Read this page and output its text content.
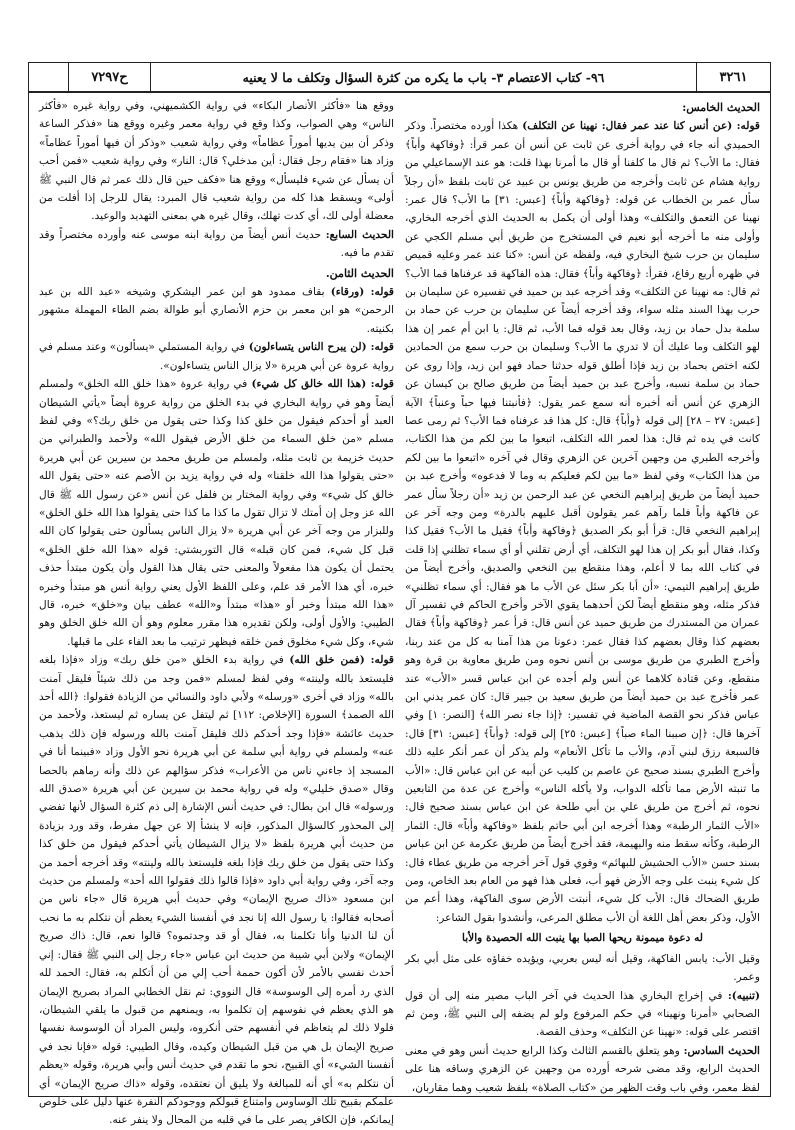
٣٢٦١
٩٦- كتاب الاعتصام ٣- باب ما يكره من كثرة السؤال وتكلف ما لا يعنيه
ح٧٢٩٧

الحديث الخامس:

قوله: (عن أنس كنا عند عمر فقال: نهينا عن التكلف) هكذا أورده مختصراً. وذكر الحميدي أنه جاء في رواية أخرى عن ثابت عن أنس أن عمر قرأ: ﴿وفاكهة وأباً﴾ فقال: ما الأب؟ ثم قال ما كلفنا أو قال ما أمرنا بهذا قلت: هو عند الإسماعيلي من رواية هشام عن ثابت وأخرجه من طريق يونس بن عبيد عن ثابت بلفظ «أن رجلاً سأل عمر بن الخطاب عن قوله: ﴿وفاكهة وأباً﴾ [عبس: ٣١] ما الأب؟ قال عمر: نهينا عن التعمق والتكلف» وهذا أولى أن يكمل به الحديث الذي أخرجه البخاري، وأولى منه ما أخرجه أبو نعيم في المستخرج من طريق أبي مسلم الكجي عن سليمان بن حرب شيخ البخاري فيه، ولفظه عن أنس: «كنا عند عمر وعليه قميص في ظهره أربع رقاع، فقرأ: ﴿وفاكهة وأباً﴾ فقال: هذه الفاكهة قد عرفناها فما الأب؟ ثم قال: مه نهينا عن التكلف» وقد أخرجه عبد بن حميد في تفسيره عن سليمان بن حرب بهذا السند مثله سواء، وقد أخرجه أيضاً عن سليمان بن حرب عن حماد بن سلمة بدل حماد بن زيد، وقال بعد قوله فما الأب، ثم قال: يا ابن أم عمر إن هذا لهو التكلف وما عليك أن لا تدري ما الأب؟ وسليمان بن حرب سمع من الحمادين لكنه اختص بحماد بن زيد فإذا أطلق قوله حدثنا حماد فهو ابن زيد، وإذا روى عن حماد بن سلمة نسبه، وأخرج عبد بن حميد أيضاً من طريق صالح بن كيسان عن الزهري عن أنس أنه أخبره أنه سمع عمر يقول: ﴿فأنبتنا فيها حباً وعنباً﴾ الآية [عبس: ٢٧ – ٢٨] إلى قوله ﴿وأباً﴾ قال: كل هذا قد عرفناه فما الأب؟ ثم رمى عصا كانت في يده ثم قال: هذا لعمر الله التكلف، اتبعوا ما بين لكم من هذا الكتاب، وأخرجه الطبري من وجهين آخرين عن الزهري وقال في آخره «اتبعوا ما بين لكم من هذا الكتاب» وفي لفظ «ما بين لكم فعليكم به وما لا فدعوه» وأخرج عبد بن حميد أيضاً من طريق إبراهيم النخعي عن عبد الرحمن بن زيد «أن رجلاً سأل عمر عن فاكهة وأباً فلما رآهم عمر يقولون أقبل عليهم بالدرة» ومن وجه آخر عن إبراهيم النخعي قال: قرأ أبو بكر الصديق ﴿وفاكهة وأباً﴾ فقيل ما الأب؟ فقيل كذا وكذا، فقال أبو بكر إن هذا لهو التكلف، أي أرض تقلني أو أي سماء تظلني إذا قلت في كتاب الله بما لا أعلم، وهذا منقطع بين النخعي والصديق، وأخرج أيضاً من طريق إبراهيم التيمي: «أن أبا بكر سئل عن الأب ما هو فقال: أي سماء تظلني» فذكر مثله، وهو منقطع أيضاً لكن أحدهما يقوي الآخر وأخرج الحاكم في تفسير آل عمران من المستدرك من طريق حميد عن أنس قال: قرأ عمر ﴿وفاكهة وأباً﴾ فقال بعضهم كذا وقال بعضهم كذا فقال عمر: دعونا من هذا آمنا به كل من عند ربنا، وأخرج الطبري من طريق موسى بن أنس نحوه ومن طريق معاوية بن قرة وهو منقطع، وعن قتادة كلاهما عن أنس ولم أجده عن ابن عباس قسر «الأب» عند عمر فأخرج عبد بن حميد أيضاً من طريق سعيد بن جبير قال: كان عمر يدني ابن عباس فذكر نحو القصة الماضية في تفسير: ﴿إذا جاء نصر الله﴾ [النصر: ١] وفي آخرها قال: ﴿إن صببنا الماء صباً﴾ [عبس: ٢٥] إلى قوله: ﴿وأباً﴾ [عبس: ٣١] قال: فالسبعة رزق لبني آدم، والأب ما تأكل الأنعام» ولم يذكر أن عمر أنكر عليه ذلك وأخرج الطبري بسند صحيح عن عاصم بن كليب عن أبيه عن ابن عباس قال: «الأب ما تنبته الأرض مما تأكله الدواب، ولا يأكله الناس» وأخرج عن عدة من التابعين نحوه، ثم أخرج من طريق علي بن أبي طلحة عن ابن عباس بسند صحيح قال: «الأب الثمار الرطبة» وهذا أخرجه ابن أبي حاتم بلفظ «وفاكهة وأباً» قال: الثمار الرطبة، وكأنه سقط منه والبهيمة، فقد أخرج أيضاً من طريق عكرمة عن ابن عباس بسند حسن «الأب الحشيش للبهائم» وقوي قول آخر أخرجه من طريق عطاء قال: كل شيء ينبت على وجه الأرض فهو أب، فعلى هذا فهو من العام بعد الخاص، ومن طريق الضحاك قال: الأب كل شيء، أنبتت الأرض سوى الفاكهة، وهذا أعم من الأول، وذكر بعض أهل اللغة أن الأب مطلق المرعى، وأنشدوا بقول الشاعر:

له دعوة ميمونة ريحها الصبا بها ينبت الله الحصيدة والأبا

وقيل الأب: يابس الفاكهة، وقيل أنه ليس بعربي، ويؤيده خفاؤه على مثل أبي بكر وعمر.

(تنبيه): في إخراج البخاري هذا الحديث في آخر الباب مصير منه إلى أن قول الصحابي «أمرنا ونهينا» في حكم المرفوع ولو لم يضفه إلى النبي ﷺ، ومن ثم اقتصر على قوله: «نهينا عن التكلف» وحذف القصة.

الحديث السادس: وهو يتعلق بالقسم الثالث وكذا الرابع حديث أنس وهو في معنى الحديث الرابع، وقد مضى شرحه أورده من وجهين عن الزهري وساقه هنا على لفظ معمر، وفي باب وقت الظهر من «كتاب الصلاة» بلفظ شعيب وهما مقاربان،

ووقع هنا «فأكثر الأنصار البكاء» في رواية الكشميهني، وفي رواية غيره «فأكثر الناس» وهي الصواب، وكذا وقع في رواية معمر وغيره ووقع هنا «فذكر الساعة وذكر أن بين يديها أموراً عظاماً» وفي رواية شعيب «وذكر أن فيها أموراً عظاماً» وزاد هنا «فقام رجل فقال: أين مدخلي؟ قال: النار» وفي رواية شعيب «فمن أحب أن يسأل عن شيء فليسأل» ووقع هنا «فكف حين قال ذلك عمر ثم قال النبي ﷺ أولى» ويسقط هذا كله من رواية شعيب قال المبرد: يقال للرجل إذا أفلت من معضلة أولى لك، أي كدت تهلك، وقال غيره هي بمعنى التهديد والوعيد.

الحديث السابع: حديث أنس أيضاً من رواية ابنه موسى عنه وأورده مختصراً وقد تقدم ما فيه.

الحديث الثامن.

قوله: (ورقاء) بقاف ممدود هو ابن عمر اليشكري وشيخه «عبد الله بن عبد الرحمن» هو ابن معمر بن حزم الأنصاري أبو طوالة بضم الطاء المهملة مشهور بكنيته.

قوله: (لن يبرح الناس يتساءلون) في رواية المستملي «يسألون» وعند مسلم في رواية عروة عن أبي هريرة «لا يزال الناس يتساءلون».

قوله: (هذا الله خالق كل شيء) في رواية عروة «هذا خلق الله الخلق» ولمسلم أيضاً وهو في رواية البخاري في بدء الخلق من رواية عروة أيضاً «يأتي الشيطان العبد أو أحدكم فيقول من خلق كذا وكذا حتى يقول من خلق ربك؟» وفي لفظ مسلم «من خلق السماء من خلق الأرض فيقول الله» ولأحمد والطبراني من حديث خزيمة بن ثابت مثله، ولمسلم من طريق محمد بن سيرين عن أبي هريرة «حتى يقولوا هذا الله خلقنا» وله في رواية يزيد بن الأصم عنه «حتى يقول الله خالق كل شيء» وفي رواية المختار بن فلفل عن أنس «عن رسول الله ﷺ قال الله عز وجل إن أمتك لا تزال تقول ما كذا ما كذا حتى يقولوا هذا الله خلق الخلق» وللبزار من وجه آخر عن أبي هريرة «لا يزال الناس يسألون حتى يقولوا كان الله قبل كل شيء، فمن كان قبله» قال التوربشتي: قوله «هذا الله خلق الخلق» يحتمل أن يكون هذا مفعولاً والمعنى حتى يقال هذا القول وأن يكون مبتدأ حذف خبره، أي هذا الأمر قد علم، وعلى اللفظ الأول يعني رواية أنس هو مبتدأ وخبره «هذا الله مبتدأ وخبر أو «هذا» مبتدأ و«الله» عطف بيان و«خلق» خبره، قال الطيبي: والأول أولى، ولكن تقديره هذا مقرر معلوم وهو أن الله خلق الخلق وهو شيء، وكل شيء مخلوق فمن خلقه فيظهر ترتيب ما بعد الفاء على ما قبلها.

قوله: (فمن خلق الله) في رواية بدء الخلق «من خلق ربك» وزاد «فإذا بلغه فليستعذ بالله ولينته» وفي لفظ لمسلم «فمن وجد من ذلك شيئاً فليقل آمنت بالله» وزاد في أخرى «ورسله» ولأبي داود والنسائي من الزيادة فقولوا: ﴿الله أحد الله الصمد﴾ السورة [الإخلاص: ١١٢] ثم ليتفل عن يساره ثم ليستعذ، ولأحمد من حديث عائشة «فإذا وجد أحدكم ذلك فليقل آمنت بالله ورسوله فإن ذلك يذهب عنه» ولمسلم في رواية أبي سلمة عن أبي هريرة نحو الأول وزاد «فبينما أنا في المسجد إذ جاءني ناس من الأعراب» فذكر سؤالهم عن ذلك وأنه رماهم بالحصا وقال «صدق خليلي» وله في رواية محمد بن سيرين عن أبي هريرة «صدق الله ورسوله» قال ابن بطال: في حديث أنس الإشارة إلى ذم كثرة السؤال لأنها تفضي إلى المحذور كالسؤال المذكور، فإنه لا ينشأ إلا عن جهل مفرط، وقد ورد بزيادة من حديث أبي هريرة بلفظ «لا يزال الشيطان يأتي أحدكم فيقول من خلق كذا وكذا حتى يقول من خلق ربك فإذا بلغه فليستعذ بالله ولينته» وقد أخرجه أحمد من وجه آخر، وفي رواية أبي داود «فإذا قالوا ذلك فقولوا الله أحد» ولمسلم من حديث ابن مسعود «ذاك صريح الإيمان» وفي حديث أبي هريرة قال «جاء ناس من أصحابه فقالوا: يا رسول الله إنا نجد في أنفسنا الشيء يعظم أن نتكلم به ما نحب أن لنا الدنيا وأنا تكلمنا به، فقال أو قد وجدتموه؟ قالوا نعم، قال: ذاك صريح الإيمان» ولابن أبي شيبة من حديث ابن عباس «جاء رجل إلى النبي ﷺ فقال: إني أحدث نفسي بالأمر لأن أكون حممة أحب إلي من أن أتكلم به، فقال: الحمد لله الذي رد أمره إلى الوسوسة» قال النووي: ثم نقل الخطابي المراد بصريح الإيمان هو الذي يعظم في نفوسهم إن تكلموا به، ويمنعهم من قبول ما يلقي الشيطان، فلولا ذلك لم يتعاظم في أنفسهم حتى أنكروه، وليس المراد أن الوسوسة نفسها صريح الإيمان بل هي من قبل الشيطان وكيده، وقال الطيبي: قوله «فإنا نجد في أنفسنا الشيء» أي القبيح، نحو ما تقدم في حديث أنس وأبي هريرة، وقوله «يعظم أن نتكلم به» أي أنه للمبالغة ولا يليق أن نعتقده، وقوله «ذاك صريح الإيمان» أي علمكم بقبيح تلك الوساوس وامتناع قبولكم ووجودكم النفرة عنها دليل على خلوص إيمانكم، فإن الكافر يصر على ما في قلبه من المحال ولا ينفر عنه.
